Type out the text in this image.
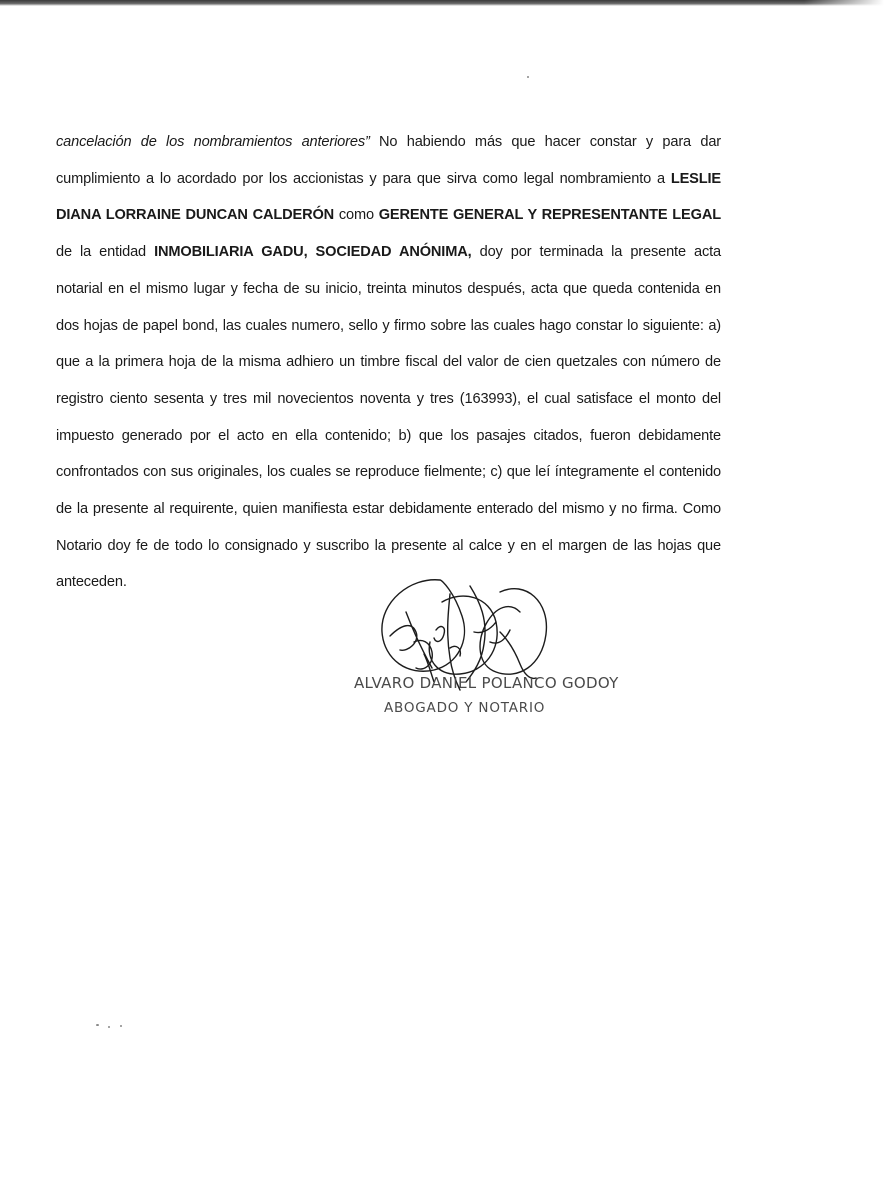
cancelación de los nombramientos anteriores” No habiendo más que hacer constar y para dar cumplimiento a lo acordado por los accionistas y para que sirva como legal nombramiento a LESLIE DIANA LORRAINE DUNCAN CALDERÓN como GERENTE GENERAL Y REPRESENTANTE LEGAL de la entidad INMOBILIARIA GADU, SOCIEDAD ANÓNIMA, doy por terminada la presente acta notarial en el mismo lugar y fecha de su inicio, treinta minutos después, acta que queda contenida en dos hojas de papel bond, las cuales numero, sello y firmo sobre las cuales hago constar lo siguiente: a) que a la primera hoja de la misma adhiero un timbre fiscal del valor de cien quetzales con número de registro ciento sesenta y tres mil novecientos noventa y tres (163993), el cual satisface el monto del impuesto generado por el acto en ella contenido; b) que los pasajes citados, fueron debidamente confrontados con sus originales, los cuales se reproduce fielmente; c) que leí íntegramente el contenido de la presente al requirente, quien manifiesta estar debidamente enterado del mismo y no firma. Como Notario doy fe de todo lo consignado y suscribo la presente al calce y en el margen de las hojas que anteceden.

ALVARO DANIEL POLANCO GODOY

ABOGADO Y NOTARIO
